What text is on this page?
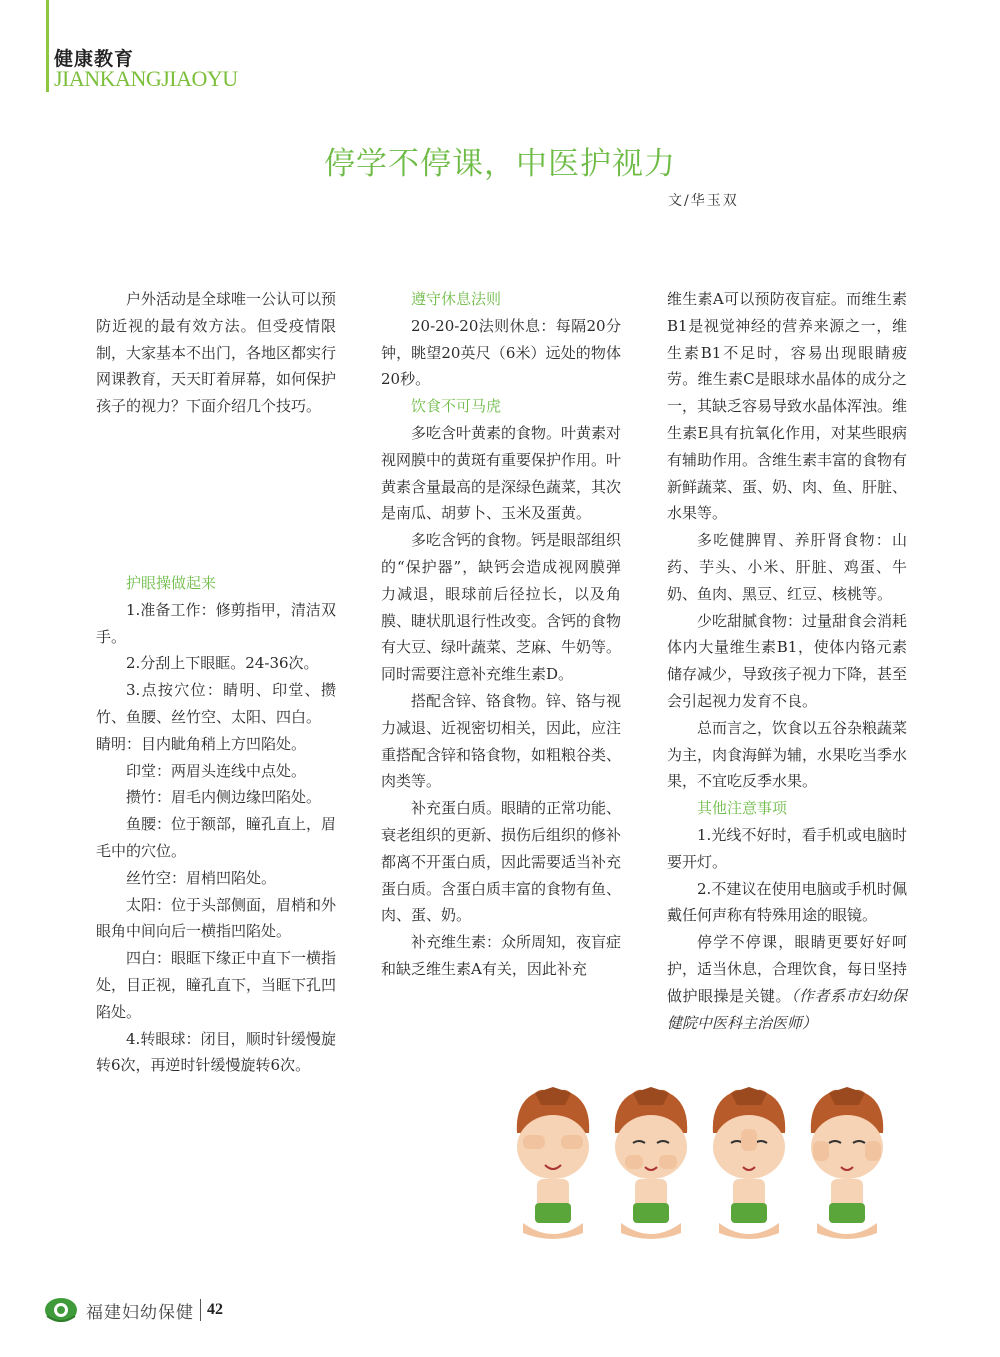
健康教育
JIANKANGJIAOYU
停学不停课，中医护视力
文/华玉双

户外活动是全球唯一公认可以预防近视的最有效方法。但受疫情限制，大家基本不出门，各地区都实行网课教育，天天盯着屏幕，如何保护孩子的视力？下面介绍几个技巧。

护眼操做起来

1.准备工作：修剪指甲，清洁双手。

2.分刮上下眼眶。24-36次。

3.点按穴位：睛明、印堂、攒竹、鱼腰、丝竹空、太阳、四白。

睛明：目内眦角稍上方凹陷处。

印堂：两眉头连线中点处。

攒竹：眉毛内侧边缘凹陷处。

鱼腰：位于额部，瞳孔直上，眉毛中的穴位。

丝竹空：眉梢凹陷处。

太阳：位于头部侧面，眉梢和外眼角中间向后一横指凹陷处。

四白：眼眶下缘正中直下一横指处，目正视，瞳孔直下，当眶下孔凹陷处。

4.转眼球：闭目，顺时针缓慢旋转6次，再逆时针缓慢旋转6次。

遵守休息法则

20-20-20法则休息：每隔20分钟，眺望20英尺（6米）远处的物体20秒。

饮食不可马虎

多吃含叶黄素的食物。叶黄素对视网膜中的黄斑有重要保护作用。叶黄素含量最高的是深绿色蔬菜，其次是南瓜、胡萝卜、玉米及蛋黄。

多吃含钙的食物。钙是眼部组织的“保护器”，缺钙会造成视网膜弹力减退，眼球前后径拉长，以及角膜、睫状肌退行性改变。含钙的食物有大豆、绿叶蔬菜、芝麻、牛奶等。同时需要注意补充维生素D。

搭配含锌、铬食物。锌、铬与视力减退、近视密切相关，因此，应注重搭配含锌和铬食物，如粗粮谷类、肉类等。

补充蛋白质。眼睛的正常功能、衰老组织的更新、损伤后组织的修补都离不开蛋白质，因此需要适当补充蛋白质。含蛋白质丰富的食物有鱼、肉、蛋、奶。

补充维生素：众所周知，夜盲症和缺乏维生素A有关，因此补充

维生素A可以预防夜盲症。而维生素B1是视觉神经的营养来源之一，维生素B1不足时，容易出现眼睛疲劳。维生素C是眼球水晶体的成分之一，其缺乏容易导致水晶体浑浊。维生素E具有抗氧化作用，对某些眼病有辅助作用。含维生素丰富的食物有新鲜蔬菜、蛋、奶、肉、鱼、肝脏、水果等。

多吃健脾胃、养肝肾食物：山药、芋头、小米、肝脏、鸡蛋、牛奶、鱼肉、黑豆、红豆、核桃等。

少吃甜腻食物：过量甜食会消耗体内大量维生素B1，使体内铬元素储存减少，导致孩子视力下降，甚至会引起视力发育不良。

总而言之，饮食以五谷杂粮蔬菜为主，肉食海鲜为辅，水果吃当季水果，不宜吃反季水果。

其他注意事项

1.光线不好时，看手机或电脑时要开灯。

2.不建议在使用电脑或手机时佩戴任何声称有特殊用途的眼镜。

停学不停课，眼睛更要好好呵护，适当休息，合理饮食，每日坚持做护眼操是关键。（作者系市妇幼保健院中医科主治医师）

福建妇幼保健 42
